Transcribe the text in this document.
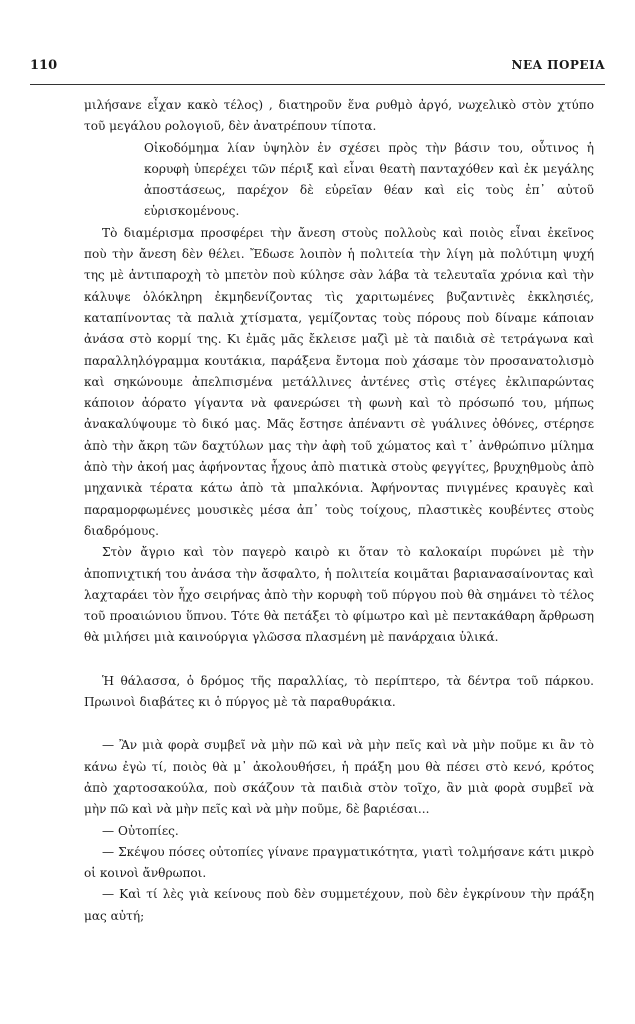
110	ΝΕΑ ΠΟΡΕΙΑ

μιλήσανε εἶχαν κακὸ τέλος) , διατηροῦν ἕνα ρυθμὸ ἀργό, νωχελικὸ στὸν χτύπο τοῦ μεγάλου ρολογιοῦ, δὲν ἀνατρέπουν τίποτα.

Οἰκοδόμημα λίαν ὑψηλὸν ἐν σχέσει πρὸς τὴν βάσιν του, οὗτινος ἡ κορυφὴ ὑπερέχει τῶν πέριξ καὶ εἶναι θεατὴ πανταχόθεν καὶ ἐκ μεγάλης ἀποστάσεως, παρέχον δὲ εὐρεῖαν θέαν καὶ εἰς τοὺς ἐπ᾽ αὐτοῦ εὑρισκομένους.

Τὸ διαμέρισμα προσφέρει τὴν ἄνεση στοὺς πολλοὺς καὶ ποιὸς εἶναι ἐκεῖνος ποὺ τὴν ἄνεση δὲν θέλει. Ἔδωσε λοιπὸν ἡ πολιτεία τὴν λίγη μὰ πολύτιμη ψυχή της μὲ ἀντιπαροχὴ τὸ μπετὸν ποὺ κύλησε σὰν λάβα τὰ τελευταῖα χρόνια καὶ τὴν κάλυψε ὁλόκληρη ἐκμηδενίζοντας τὶς χαριτωμένες βυζαντινὲς ἐκκλησιές, καταπίνοντας τὰ παλιὰ χτίσματα, γεμίζοντας τοὺς πόρους ποὺ δίναμε κάποιαν ἀνάσα στὸ κορμί της. Κι ἐμᾶς μᾶς ἔκλεισε μαζὶ μὲ τὰ παιδιὰ σὲ τετράγωνα καὶ παραλληλόγραμμα κουτάκια, παράξενα ἔντομα ποὺ χάσαμε τὸν προσανατολισμὸ καὶ σηκώνουμε ἀπελπισμένα μετάλλινες ἀντένες στὶς στέγες ἐκλιπαρώντας κάποιον ἀόρατο γίγαντα νὰ φανερώσει τὴ φωνὴ καὶ τὸ πρόσωπό του, μήπως ἀνακαλύψουμε τὸ δικό μας. Μᾶς ἔστησε ἀπέναντι σὲ γυάλινες ὀθόνες, στέρησε ἀπὸ τὴν ἄκρη τῶν δαχτύλων μας τὴν ἀφὴ τοῦ χώματος καὶ τ᾽ ἀνθρώπινο μίλημα ἀπὸ τὴν ἀκοή μας ἀφήνοντας ἦχους ἀπὸ πιατικὰ στοὺς φεγγίτες, βρυχηθμοὺς ἀπὸ μηχανικὰ τέρατα κάτω ἀπὸ τὰ μπαλκόνια. Ἀφήνοντας πνιγμένες κραυγὲς καὶ παραμορφωμένες μουσικὲς μέσα ἀπ᾽ τοὺς τοίχους, πλαστικὲς κουβέντες στοὺς διαδρόμους.

Στὸν ἄγριο καὶ τὸν παγερὸ καιρὸ κι ὅταν τὸ καλοκαίρι πυρώνει μὲ τὴν ἀποπνιχτική του ἀνάσα τὴν ἄσφαλτο, ἡ πολιτεία κοιμᾶται βαριανασαίνοντας καὶ λαχταράει τὸν ἦχο σειρήνας ἀπὸ τὴν κορυφὴ τοῦ πύργου ποὺ θὰ σημάνει τὸ τέλος τοῦ προαιώνιου ὕπνου. Τότε θὰ πετάξει τὸ φίμωτρο καὶ μὲ πεντακάθαρη ἄρθρωση θὰ μιλήσει μιὰ καινούργια γλῶσσα πλασμένη μὲ πανάρχαια ὑλικά.

Ἡ θάλασσα, ὁ δρόμος τῆς παραλλίας, τὸ περίπτερο, τὰ δέντρα τοῦ πάρκου. Πρωινοὶ διαβάτες κι ὁ πύργος μὲ τὰ παραθυράκια.

— Ἂν μιὰ φορὰ συμβεῖ νὰ μὴν πῶ καὶ νὰ μὴν πεῖς καὶ νὰ μὴν ποῦμε κι ἂν τὸ κάνω ἐγὼ τί, ποιὸς θὰ μ᾽ ἀκολουθήσει, ἡ πράξη μου θὰ πέσει στὸ κενό, κρότος ἀπὸ χαρτοσακούλα, ποὺ σκάζουν τὰ παιδιὰ στὸν τοῖχο, ἂν μιὰ φορὰ συμβεῖ νὰ μὴν πῶ καὶ νὰ μὴν πεῖς καὶ νὰ μὴν ποῦμε, δὲ βαριέσαι...

— Οὐτοπίες.

— Σκέψου πόσες οὐτοπίες γίνανε πραγματικότητα, γιατὶ τολμήσανε κάτι μικρὸ οἱ κοινοὶ ἄνθρωποι.

— Καὶ τί λὲς γιὰ κείνους ποὺ δὲν συμμετέχουν, ποὺ δὲν ἐγκρίνουν τὴν πράξη μας αὐτή;
